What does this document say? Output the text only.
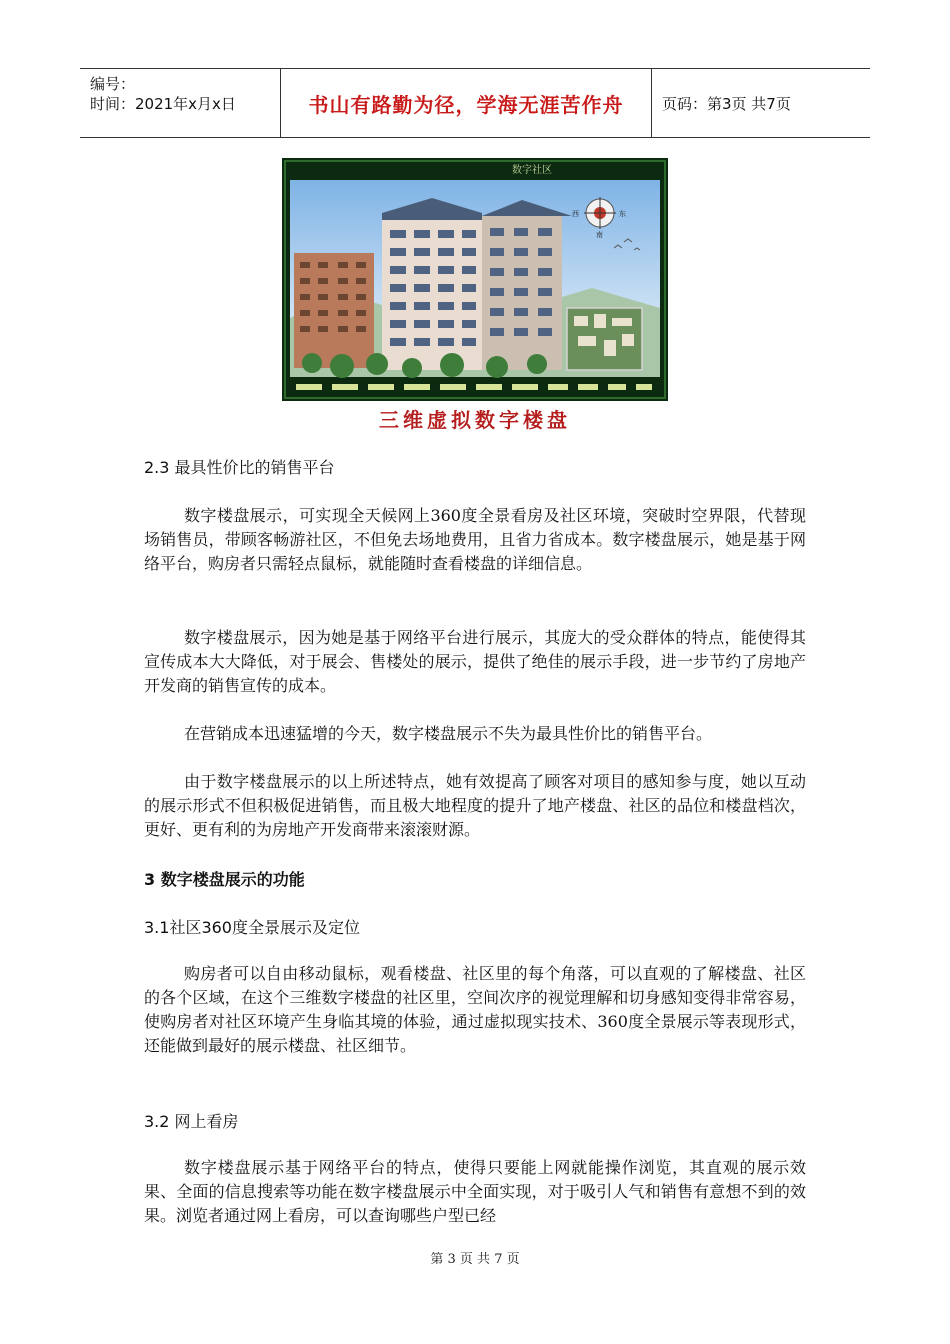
编号：
时间：2021年x月x日	书山有路勤为径，学海无涯苦作舟	页码：第3页 共7页
数字社区
西	东
南
三维虚拟数字楼盘
2.3 最具性价比的销售平台
数字楼盘展示，可实现全天候网上360度全景看房及社区环境，突破时空界限，代替现场销售员，带顾客畅游社区，不但免去场地费用，且省力省成本。数字楼盘展示，她是基于网络平台，购房者只需轻点鼠标，就能随时查看楼盘的详细信息。
数字楼盘展示，因为她是基于网络平台进行展示，其庞大的受众群体的特点，能使得其宣传成本大大降低，对于展会、售楼处的展示，提供了绝佳的展示手段，进一步节约了房地产开发商的销售宣传的成本。
在营销成本迅速猛增的今天，数字楼盘展示不失为最具性价比的销售平台。
由于数字楼盘展示的以上所述特点，她有效提高了顾客对项目的感知参与度，她以互动的展示形式不但积极促进销售，而且极大地程度的提升了地产楼盘、社区的品位和楼盘档次，更好、更有利的为房地产开发商带来滚滚财源。
3 数字楼盘展示的功能
3.1社区360度全景展示及定位
购房者可以自由移动鼠标，观看楼盘、社区里的每个角落，可以直观的了解楼盘、社区的各个区域，在这个三维数字楼盘的社区里，空间次序的视觉理解和切身感知变得非常容易，使购房者对社区环境产生身临其境的体验，通过虚拟现实技术、360度全景展示等表现形式，还能做到最好的展示楼盘、社区细节。
3.2 网上看房
数字楼盘展示基于网络平台的特点，使得只要能上网就能操作浏览，其直观的展示效果、全面的信息搜索等功能在数字楼盘展示中全面实现，对于吸引人气和销售有意想不到的效果。浏览者通过网上看房，可以查询哪些户型已经
第 3 页 共 7 页
